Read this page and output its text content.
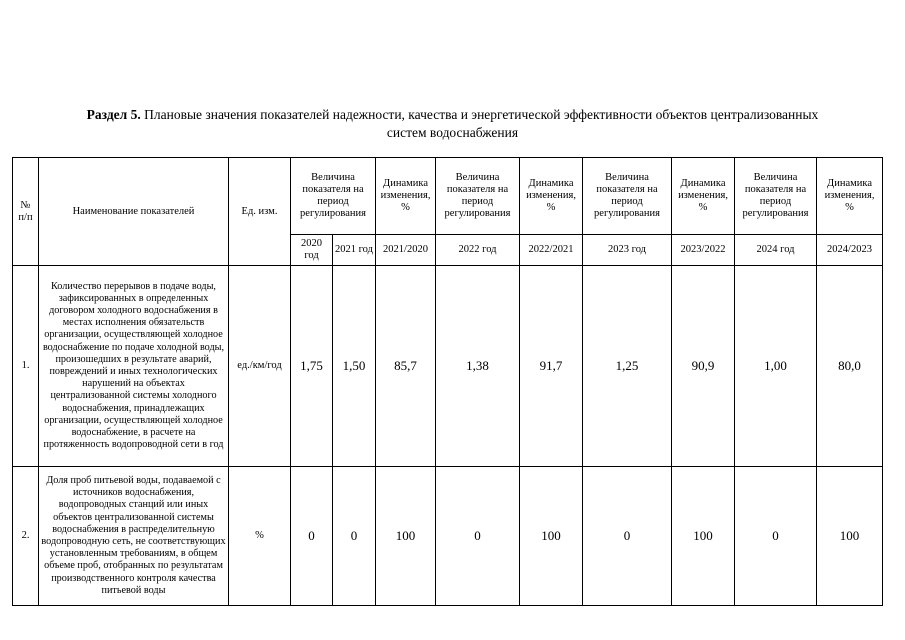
Раздел 5. Плановые значения показателей надежности, качества и энергетической эффективности объектов централизованных
систем водоснабжения
№ п/п	Наименование показателей	Ед. изм.	Величина показателя на период регулирования		Динамика изменения, %	Величина показателя на период регулирования	Динамика изменения, %	Величина показателя на период регулирования	Динамика изменения, %	Величина показателя на период регулирования	Динамика изменения, %
			2020 год	2021 год	2021/2020	2022 год	2022/2021	2023 год	2023/2022	2024 год	2024/2023
1.	Количество перерывов в подаче воды, зафиксированных в определенных договором холодного водоснабжения в местах исполнения обязательств организации, осуществляющей холодное водоснабжение по подаче холодной воды, произошедших в результате аварий, повреждений и иных технологических нарушений на объектах централизованной системы холодного водоснабжения, принадлежащих организации, осуществляющей холодное водоснабжение, в расчете на протяженность водопроводной сети в год	ед./км/год	1,75	1,50	85,7	1,38	91,7	1,25	90,9	1,00	80,0
2.	Доля проб питьевой воды, подаваемой с источников водоснабжения, водопроводных станций или иных объектов централизованной системы водоснабжения в распределительную водопроводную сеть, не соответствующих установленным требованиям, в общем объеме проб, отобранных по результатам производственного контроля качества питьевой воды	%	0	0	100	0	100	0	100	0	100
